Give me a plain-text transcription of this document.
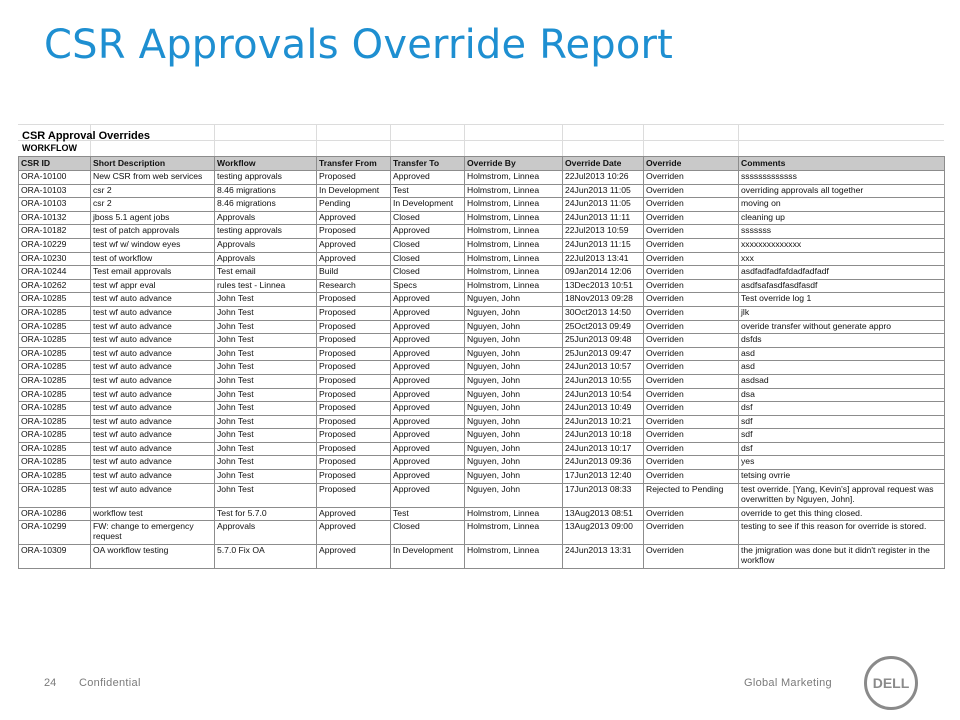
CSR Approvals Override Report
CSR Approval Overrides
WORKFLOW
CSR ID	Short Description	Workflow	Transfer From	Transfer To	Override By	Override Date	Override	Comments
ORA-10100	New CSR from web services	testing approvals	Proposed	Approved	Holmstrom, Linnea	22Jul2013 10:26	Overriden	sssssssssssss
ORA-10103	csr 2	8.46 migrations	In Development	Test	Holmstrom, Linnea	24Jun2013 11:05	Overriden	overriding approvals all together
ORA-10103	csr 2	8.46 migrations	Pending	In Development	Holmstrom, Linnea	24Jun2013 11:05	Overriden	moving on
ORA-10132	jboss 5.1 agent jobs	Approvals	Approved	Closed	Holmstrom, Linnea	24Jun2013 11:11	Overriden	cleaning up
ORA-10182	test of patch approvals	testing approvals	Proposed	Approved	Holmstrom, Linnea	22Jul2013 10:59	Overriden	sssssss
ORA-10229	test wf w/ window eyes	Approvals	Approved	Closed	Holmstrom, Linnea	24Jun2013 11:15	Overriden	xxxxxxxxxxxxxx
ORA-10230	test of workflow	Approvals	Approved	Closed	Holmstrom, Linnea	22Jul2013 13:41	Overriden	xxx
ORA-10244	Test email approvals	Test email	Build	Closed	Holmstrom, Linnea	09Jan2014 12:06	Overriden	asdfadfadfafdadfadfadf
ORA-10262	test wf appr eval	rules test - Linnea	Research	Specs	Holmstrom, Linnea	13Dec2013 10:51	Overriden	asdfsafasdfasdfasdf
ORA-10285	test wf auto advance	John Test	Proposed	Approved	Nguyen, John	18Nov2013 09:28	Overriden	Test override log 1
ORA-10285	test wf auto advance	John Test	Proposed	Approved	Nguyen, John	30Oct2013 14:50	Overriden	jlk
ORA-10285	test wf auto advance	John Test	Proposed	Approved	Nguyen, John	25Oct2013 09:49	Overriden	overide transfer without generate appro
ORA-10285	test wf auto advance	John Test	Proposed	Approved	Nguyen, John	25Jun2013 09:48	Overriden	dsfds
ORA-10285	test wf auto advance	John Test	Proposed	Approved	Nguyen, John	25Jun2013 09:47	Overriden	asd
ORA-10285	test wf auto advance	John Test	Proposed	Approved	Nguyen, John	24Jun2013 10:57	Overriden	asd
ORA-10285	test wf auto advance	John Test	Proposed	Approved	Nguyen, John	24Jun2013 10:55	Overriden	asdsad
ORA-10285	test wf auto advance	John Test	Proposed	Approved	Nguyen, John	24Jun2013 10:54	Overriden	dsa
ORA-10285	test wf auto advance	John Test	Proposed	Approved	Nguyen, John	24Jun2013 10:49	Overriden	dsf
ORA-10285	test wf auto advance	John Test	Proposed	Approved	Nguyen, John	24Jun2013 10:21	Overriden	sdf
ORA-10285	test wf auto advance	John Test	Proposed	Approved	Nguyen, John	24Jun2013 10:18	Overriden	sdf
ORA-10285	test wf auto advance	John Test	Proposed	Approved	Nguyen, John	24Jun2013 10:17	Overriden	dsf
ORA-10285	test wf auto advance	John Test	Proposed	Approved	Nguyen, John	24Jun2013 09:36	Overriden	yes
ORA-10285	test wf auto advance	John Test	Proposed	Approved	Nguyen, John	17Jun2013 12:40	Overriden	tetsing ovrrie
ORA-10285	test wf auto advance	John Test	Proposed	Approved	Nguyen, John	17Jun2013 08:33	Rejected to Pending	test override. [Yang, Kevin's] approval request was overwritten by Nguyen, John].
ORA-10286	workflow test	Test for 5.7.0	Approved	Test	Holmstrom, Linnea	13Aug2013 08:51	Overriden	override to get this thing closed.
ORA-10299	FW: change to emergency request	Approvals	Approved	Closed	Holmstrom, Linnea	13Aug2013 09:00	Overriden	testing to see if this reason for override is stored.
ORA-10309	OA workflow testing	5.7.0 Fix OA	Approved	In Development	Holmstrom, Linnea	24Jun2013 13:31	Overriden	the jmigration was done but it didn't register in the workflow
24 Confidential	Global Marketing	DELL
